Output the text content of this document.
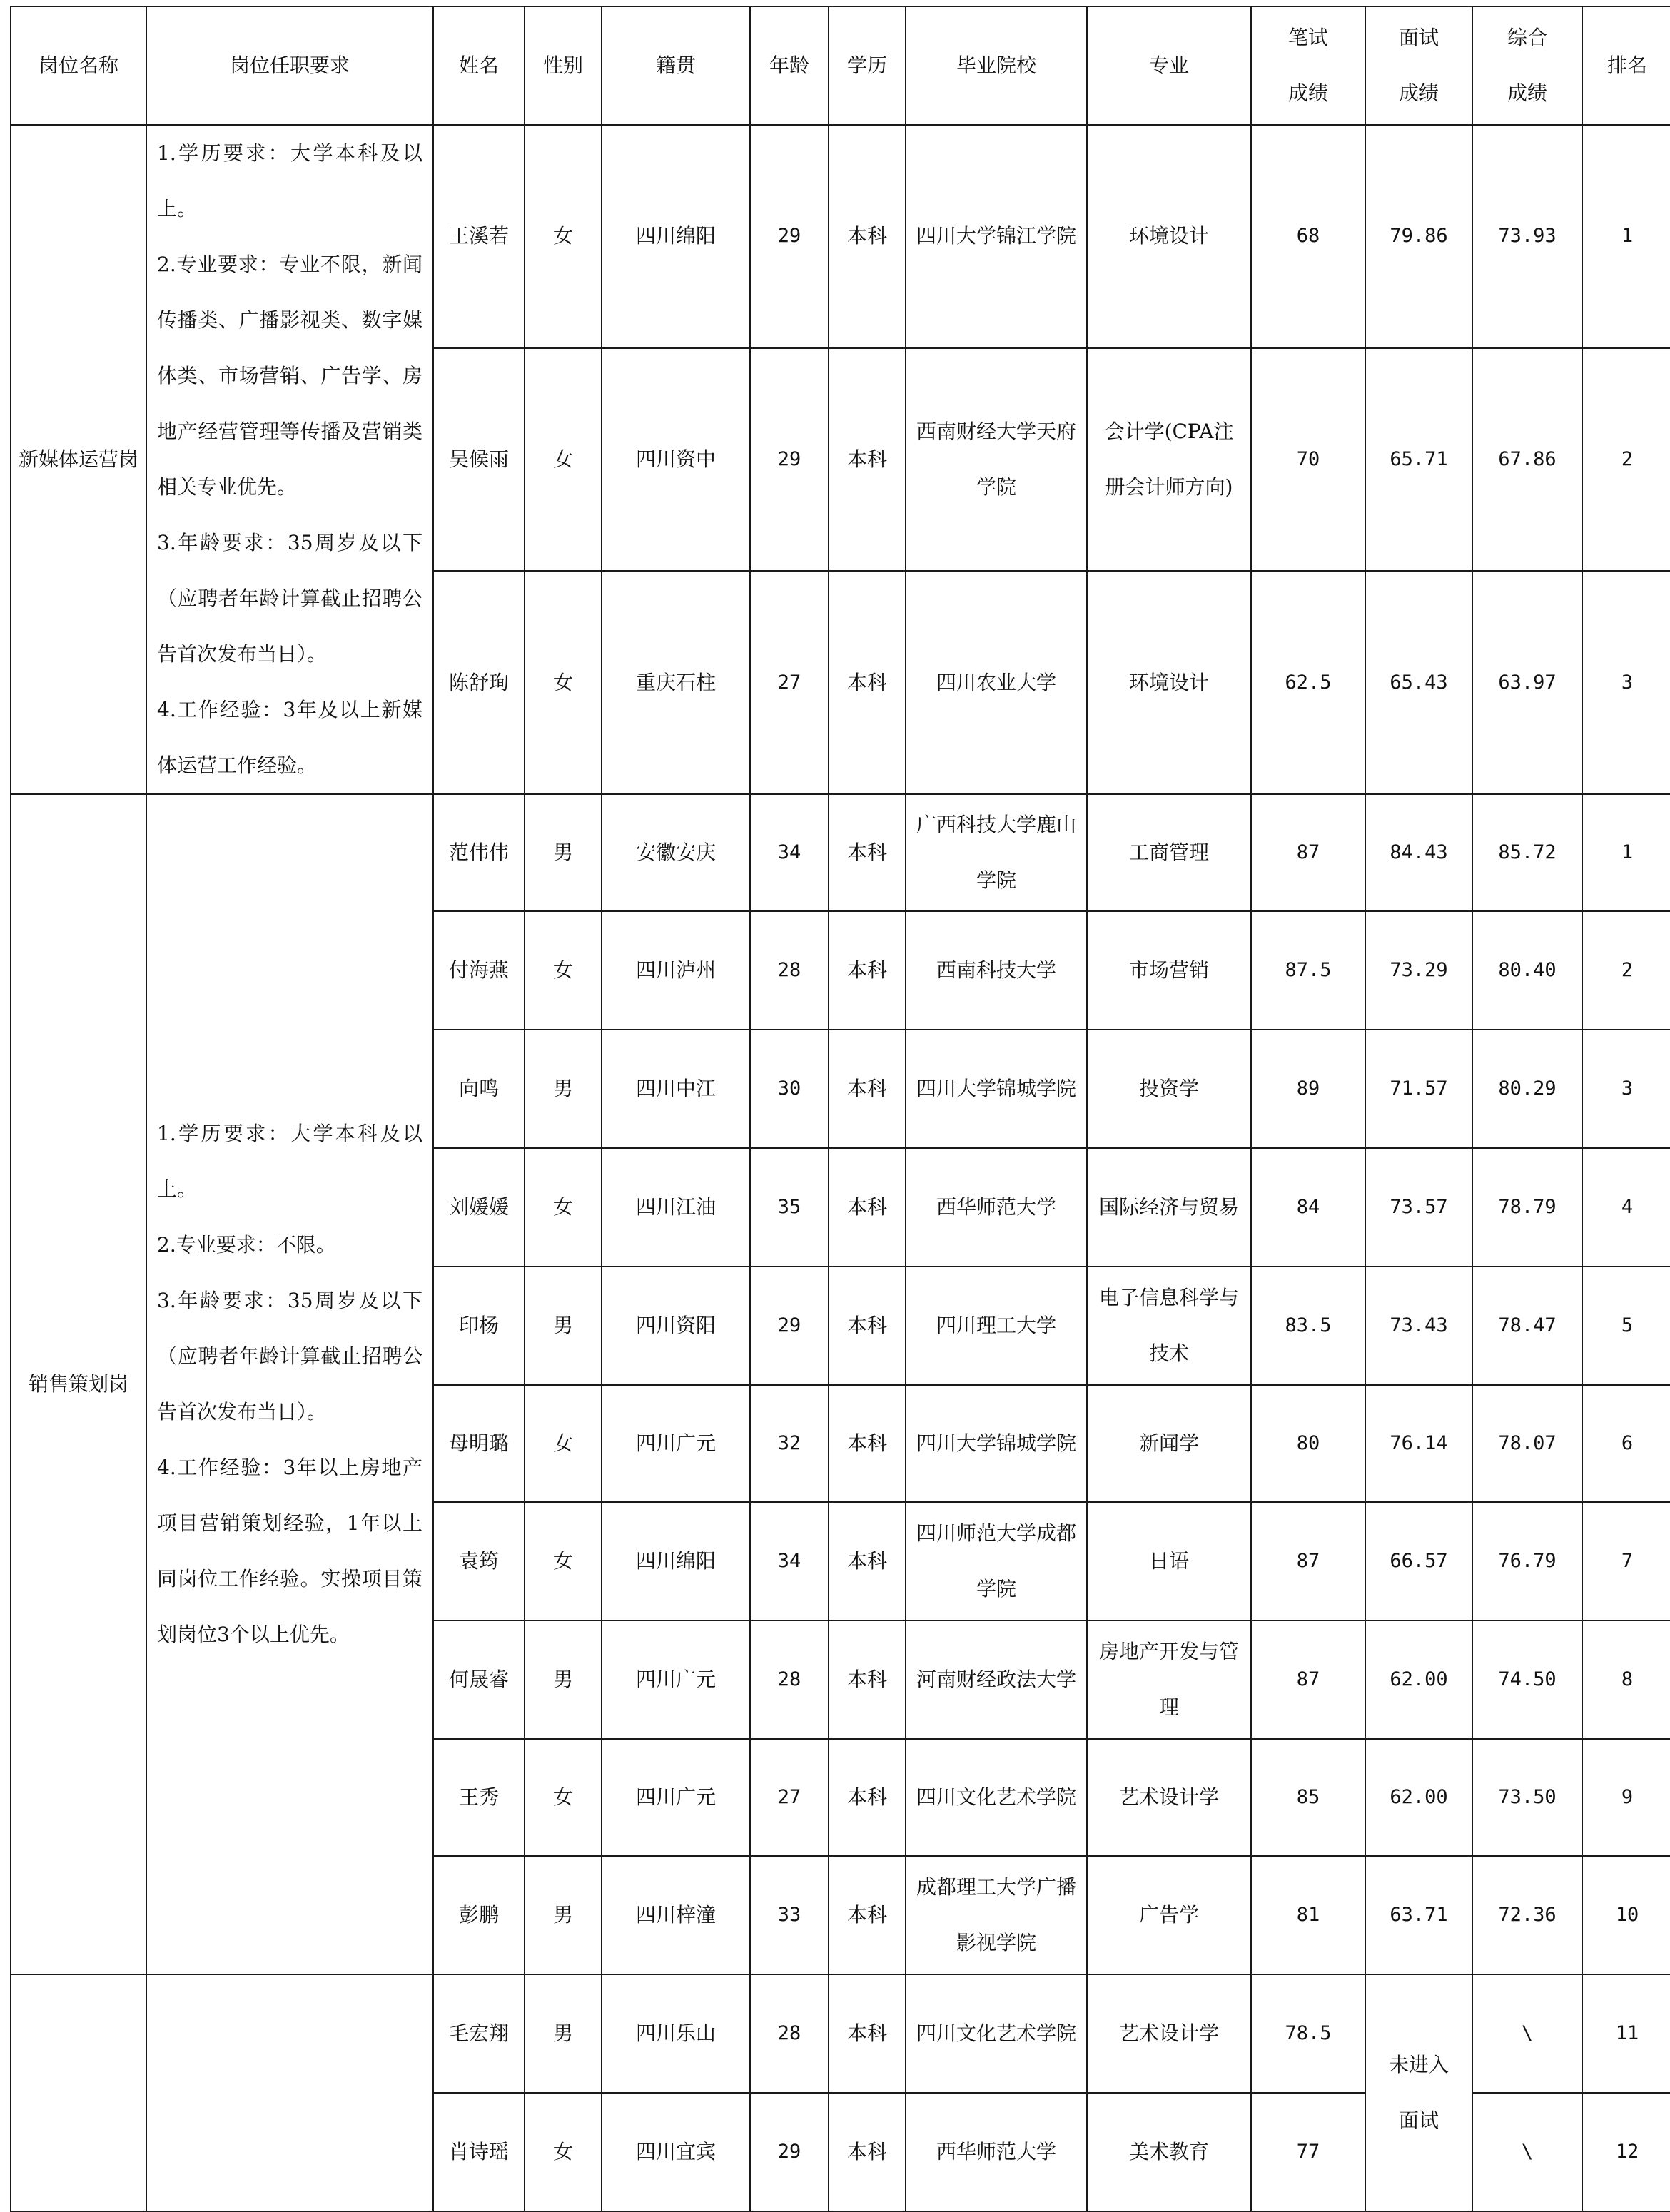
岗位名称	岗位任职要求	姓名	性别	籍贯	年龄	学历	毕业院校	专业	笔试成绩	面试成绩	综合成绩	排名
新媒体运营岗	1.学历要求：大学本科及以上。
2.专业要求：专业不限，新闻传播类、广播影视类、数字媒体类、市场营销、广告学、房地产经营管理等传播及营销类相关专业优先。
3.年龄要求：35周岁及以下（应聘者年龄计算截止招聘公告首次发布当日）。
4.工作经验：3年及以上新媒体运营工作经验。	王溪若	女	四川绵阳	29	本科	四川大学锦江学院	环境设计	68	79.86	73.93	1
		吴候雨	女	四川资中	29	本科	西南财经大学天府学院	会计学(CPA注册会计师方向)	70	65.71	67.86	2
		陈舒珣	女	重庆石柱	27	本科	四川农业大学	环境设计	62.5	65.43	63.97	3
销售策划岗	1.学历要求：大学本科及以上。
2.专业要求：不限。
3.年龄要求：35周岁及以下（应聘者年龄计算截止招聘公告首次发布当日）。
4.工作经验：3年以上房地产项目营销策划经验，1年以上同岗位工作经验。实操项目策划岗位3个以上优先。	范伟伟	男	安徽安庆	34	本科	广西科技大学鹿山学院	工商管理	87	84.43	85.72	1
		付海燕	女	四川泸州	28	本科	西南科技大学	市场营销	87.5	73.29	80.40	2
		向鸣	男	四川中江	30	本科	四川大学锦城学院	投资学	89	71.57	80.29	3
		刘媛媛	女	四川江油	35	本科	西华师范大学	国际经济与贸易	84	73.57	78.79	4
		印杨	男	四川资阳	29	本科	四川理工大学	电子信息科学与技术	83.5	73.43	78.47	5
		母明璐	女	四川广元	32	本科	四川大学锦城学院	新闻学	80	76.14	78.07	6
		袁筠	女	四川绵阳	34	本科	四川师范大学成都学院	日语	87	66.57	76.79	7
		何晟睿	男	四川广元	28	本科	河南财经政法大学	房地产开发与管理	87	62.00	74.50	8
		王秀	女	四川广元	27	本科	四川文化艺术学院	艺术设计学	85	62.00	73.50	9
		彭鹏	男	四川梓潼	33	本科	成都理工大学广播影视学院	广告学	81	63.71	72.36	10
		毛宏翔	男	四川乐山	28	本科	四川文化艺术学院	艺术设计学	78.5	未进入面试	\	11
		肖诗瑶	女	四川宜宾	29	本科	西华师范大学	美术教育	77		\	12
